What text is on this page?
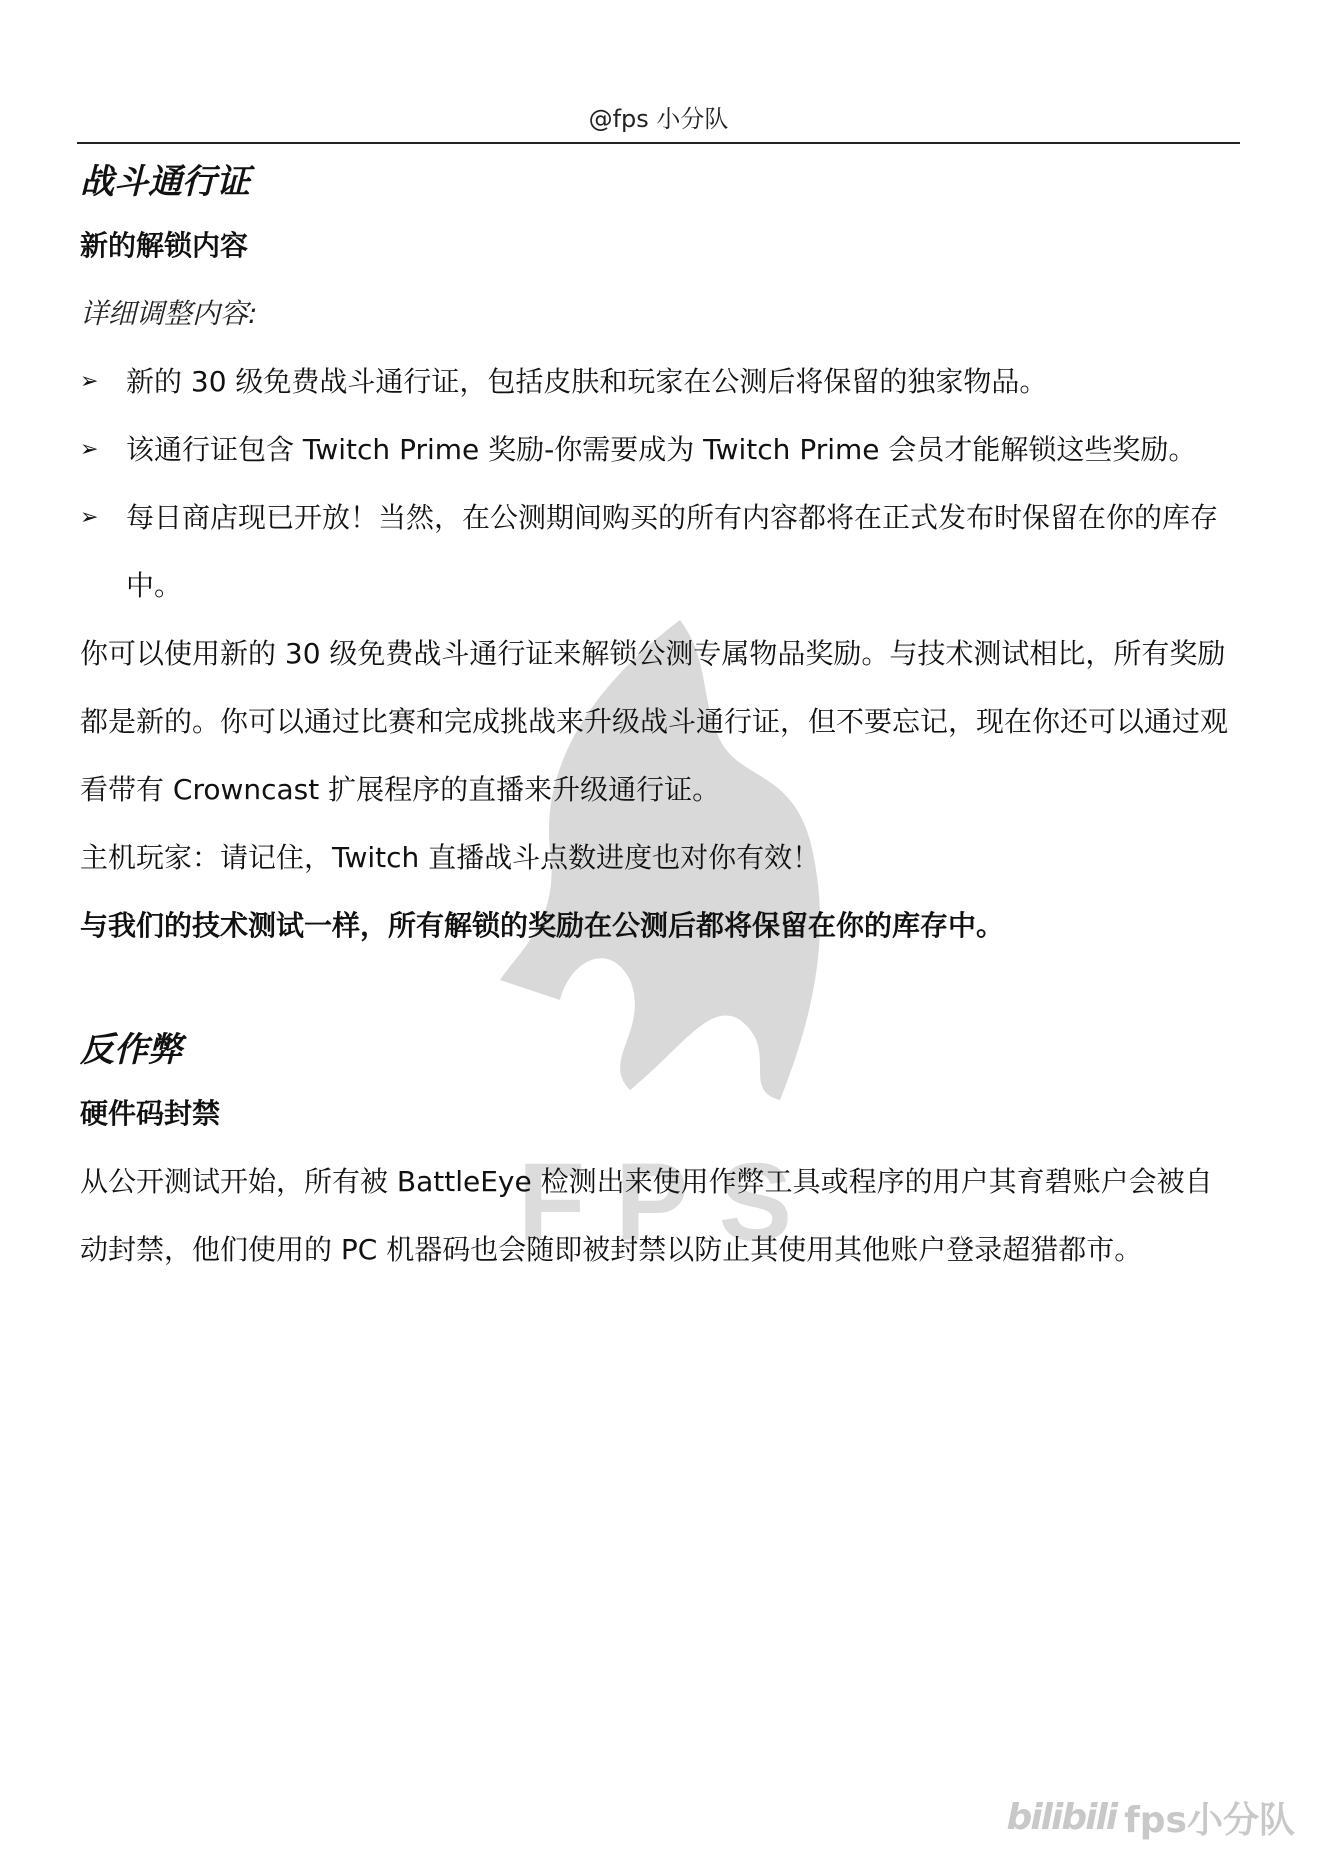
@fps 小分队
FPS
战斗通行证
新的解锁内容
详细调整内容:
➢ 新的 30 级免费战斗通行证，包括皮肤和玩家在公测后将保留的独家物品。
➢ 该通行证包含 Twitch Prime 奖励-你需要成为 Twitch Prime 会员才能解锁这些奖励。
➢ 每日商店现已开放！当然，在公测期间购买的所有内容都将在正式发布时保留在你的库存中。

你可以使用新的 30 级免费战斗通行证来解锁公测专属物品奖励。与技术测试相比，所有奖励都是新的。你可以通过比赛和完成挑战来升级战斗通行证，但不要忘记，现在你还可以通过观看带有 Crowncast 扩展程序的直播来升级通行证。

主机玩家：请记住，Twitch 直播战斗点数进度也对你有效！

与我们的技术测试一样，所有解锁的奖励在公测后都将保留在你的库存中。

反作弊
硬件码封禁

从公开测试开始，所有被 BattleEye 检测出来使用作弊工具或程序的用户其育碧账户会被自动封禁，他们使用的 PC 机器码也会随即被封禁以防止其使用其他账户登录超猎都市。

bilibili fps小分队
